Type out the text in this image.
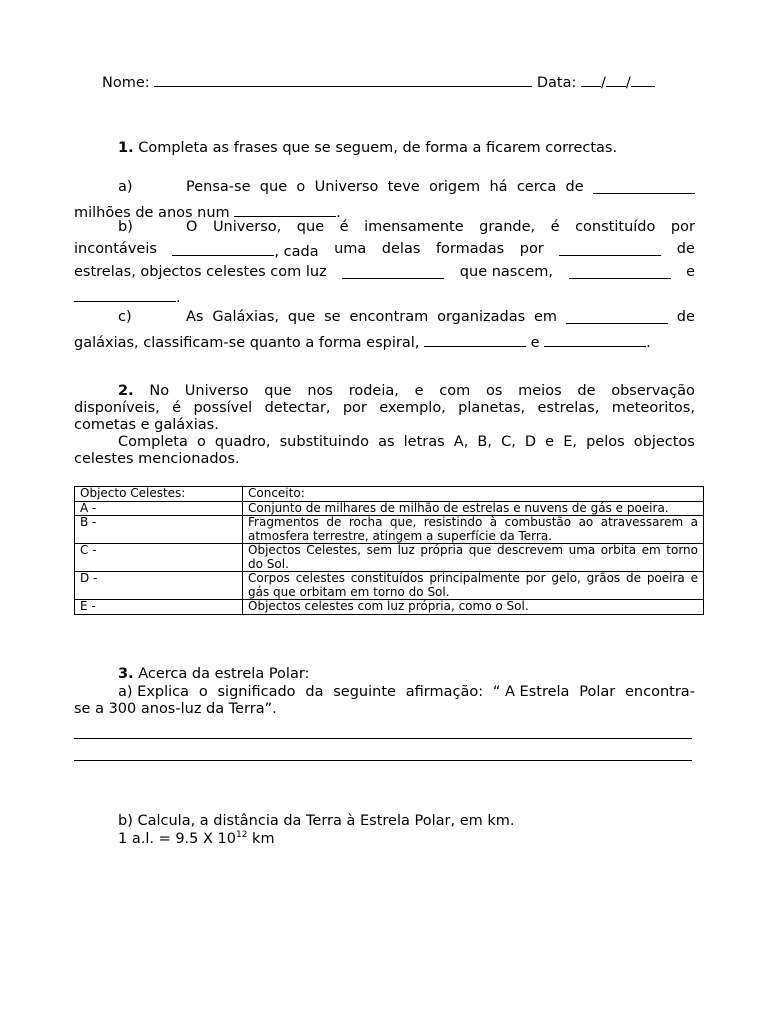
Nome:	Data: / /
1. Completa as frases que se seguem, de forma a ficarem correctas.
a)	Pensa-se que o Universo teve origem há cerca de
milhões de anos num	.
b)	O Universo, que é imensamente grande, é constituído por
incontáveis	, cada uma delas formadas por	de
estrelas, objectos celestes com luz	que nascem,	e
.
c)	As Galáxias, que se encontram organizadas em	de
galáxias, classificam-se quanto a forma espiral,	e	.
2. No Universo que nos rodeia, e com os meios de observação
disponíveis, é possível detectar, por exemplo, planetas, estrelas, meteoritos,
cometas e galáxias.
Completa o quadro, substituindo as letras A, B, C, D e E, pelos objectos
celestes mencionados.
Objecto Celestes:	Conceito:
A -	Conjunto de milhares de milhão de estrelas e nuvens de gás e poeira.
B -	Fragmentos de rocha que, resistindo à combustão ao atravessarem a atmosfera terrestre, atingem a superfície da Terra.
C -	Objectos Celestes, sem luz própria que descrevem uma orbita em torno do Sol.
D -	Corpos celestes constituídos principalmente por gelo, grãos de poeira e gás que orbitam em torno do Sol.
E -	Objectos celestes com luz própria, como o Sol.
3. Acerca da estrela Polar:
a) Explica o significado da seguinte afirmação: “ A Estrela Polar encontra-
se a 300 anos-luz da Terra”.
b) Calcula, a distância da Terra à Estrela Polar, em km.
1 a.l. = 9.5 X $10^{12}$ km
